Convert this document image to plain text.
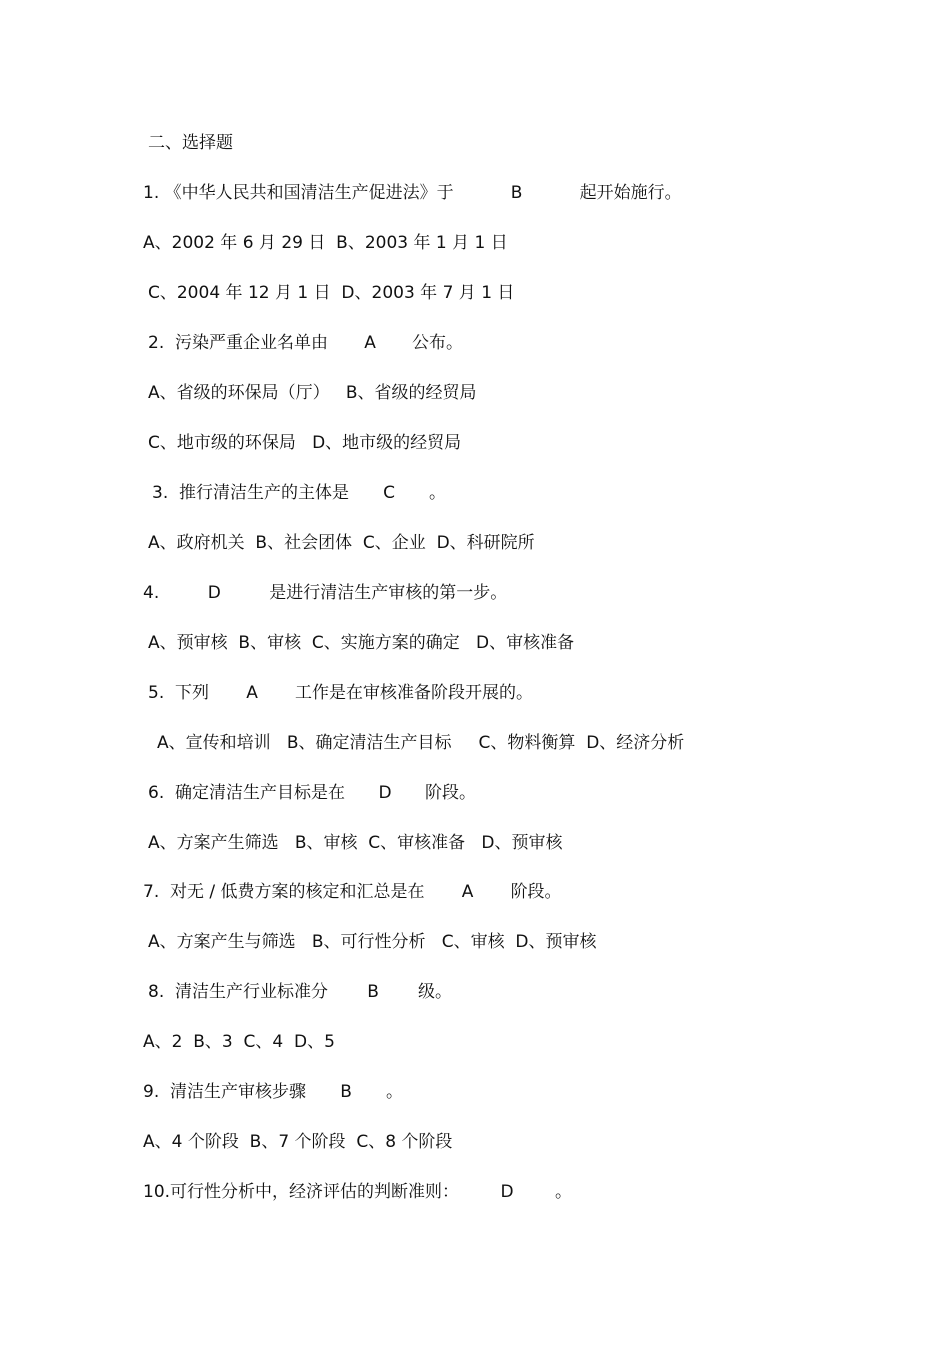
二、选择题
1. 《中华人民共和国清洁生产促进法》于	B	起开始施行。
A、2002 年 6 月 29 日  B、2003 年 1 月 1 日
C、2004 年 12 月 1 日  D、2003 年 7 月 1 日
2.  污染严重企业名单由 A 公布。
A、省级的环保局（厅）   B、省级的经贸局
C、地市级的环保局   D、地市级的经贸局
3.  推行清洁生产的主体是 C 。
A、政府机关  B、社会团体  C、企业  D、科研院所
4.	D	是进行清洁生产审核的第一步。
A、预审核  B、审核  C、实施方案的确定   D、审核准备
5.  下列 A 工作是在审核准备阶段开展的。
A、宣传和培训   B、确定清洁生产目标     C、物料衡算  D、经济分析
6.  确定清洁生产目标是在 D 阶段。
A、方案产生筛选   B、审核  C、审核准备   D、预审核
7.  对无 / 低费方案的核定和汇总是在 A 阶段。
A、方案产生与筛选   B、可行性分析   C、审核  D、预审核
8.  清洁生产行业标准分 B 级。
A、2  B、3  C、4  D、5
9.  清洁生产审核步骤 B 。
A、4 个阶段  B、7 个阶段  C、8 个阶段
10.可行性分析中，经济评估的判断准则： D 。
